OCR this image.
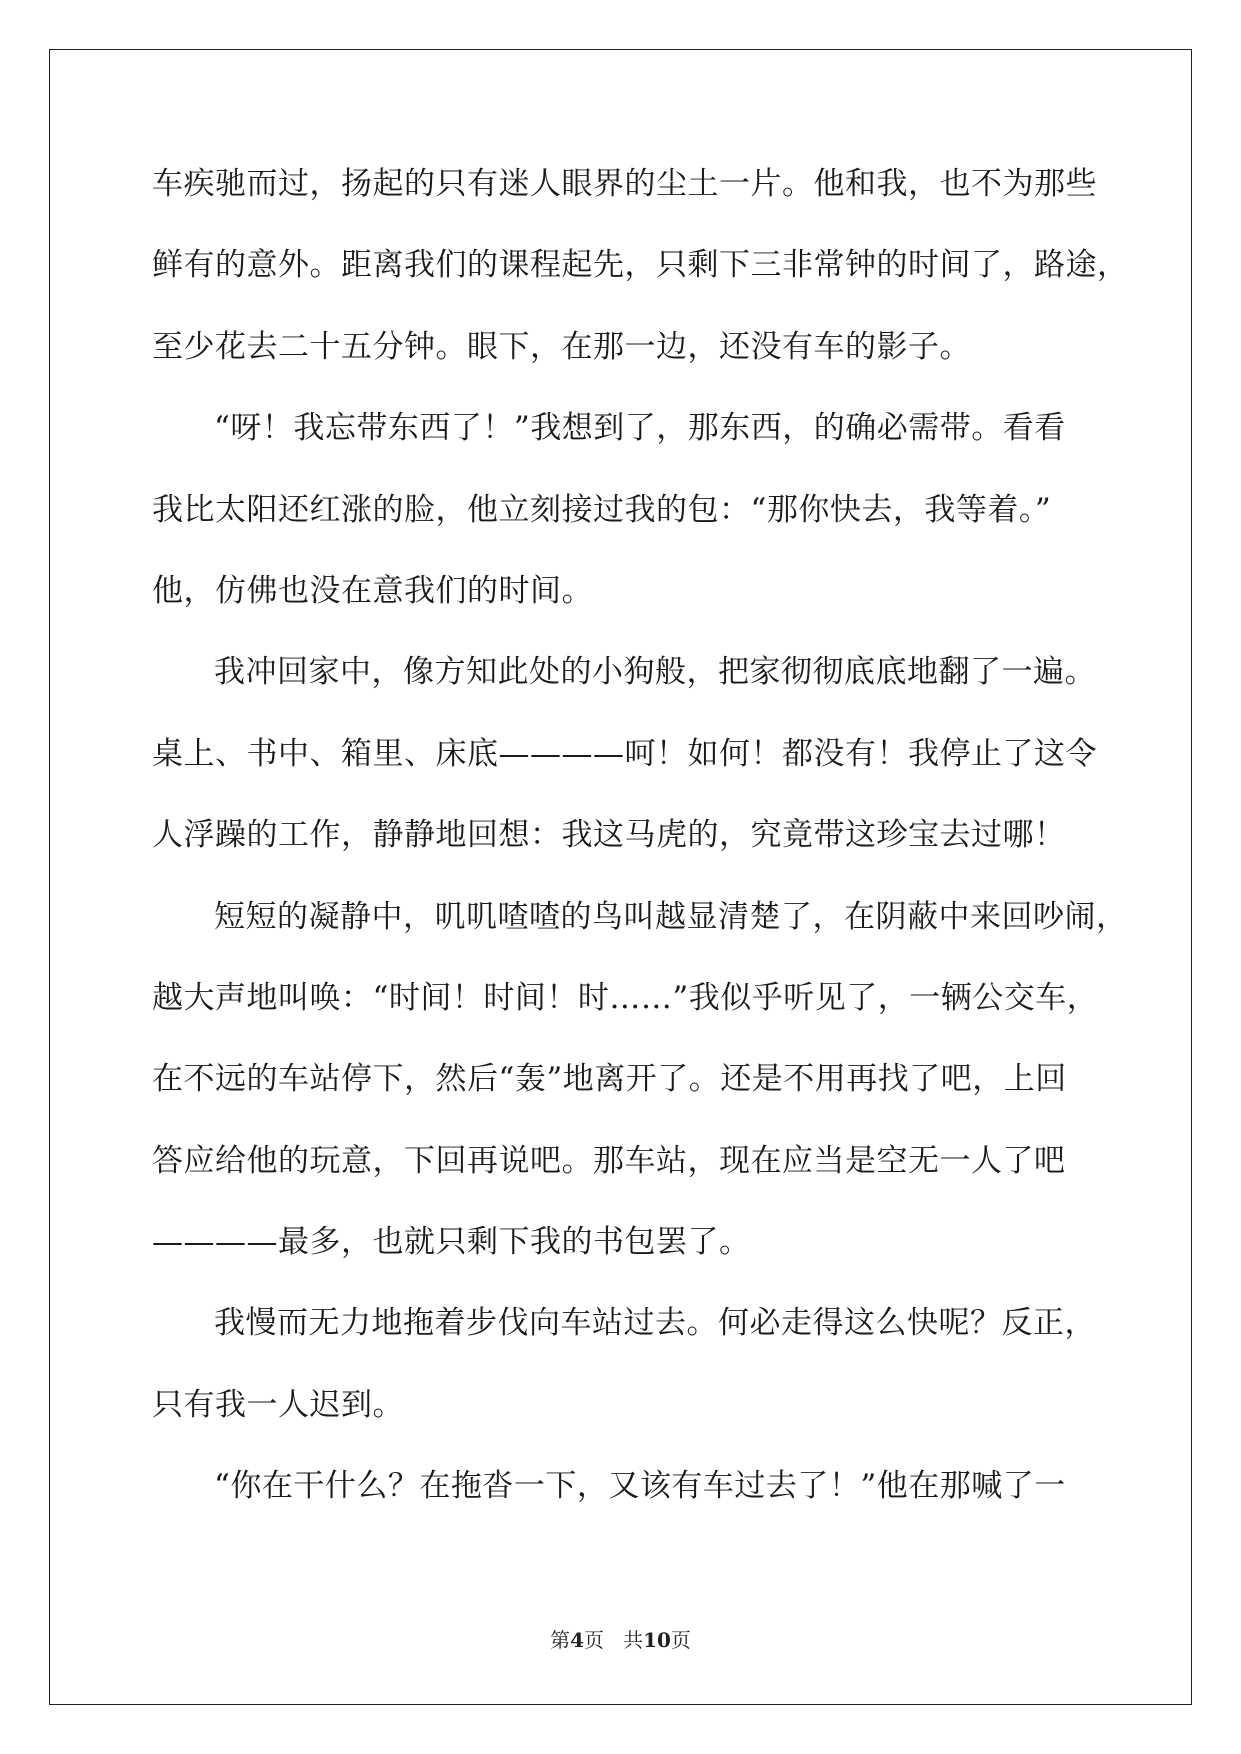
车疾驰而过，扬起的只有迷人眼界的尘土一片。他和我，也不为那些
鲜有的意外。距离我们的课程起先，只剩下三非常钟的时间了，路途，
至少花去二十五分钟。眼下，在那一边，还没有车的影子。
“呀！我忘带东西了！”我想到了，那东西，的确必需带。看看
我比太阳还红涨的脸，他立刻接过我的包：“那你快去，我等着。”
他，仿佛也没在意我们的时间。
我冲回家中，像方知此处的小狗般，把家彻彻底底地翻了一遍。
桌上、书中、箱里、床底————呵！如何！都没有！我停止了这令
人浮躁的工作，静静地回想：我这马虎的，究竟带这珍宝去过哪！
短短的凝静中，叽叽喳喳的鸟叫越显清楚了，在阴蔽中来回吵闹，
越大声地叫唤：“时间！时间！时……”我似乎听见了，一辆公交车，
在不远的车站停下，然后“轰”地离开了。还是不用再找了吧，上回
答应给他的玩意，下回再说吧。那车站，现在应当是空无一人了吧
————最多，也就只剩下我的书包罢了。
我慢而无力地拖着步伐向车站过去。何必走得这么快呢？反正，
只有我一人迟到。
“你在干什么？在拖沓一下，又该有车过去了！”他在那喊了一
第4页 共10页
